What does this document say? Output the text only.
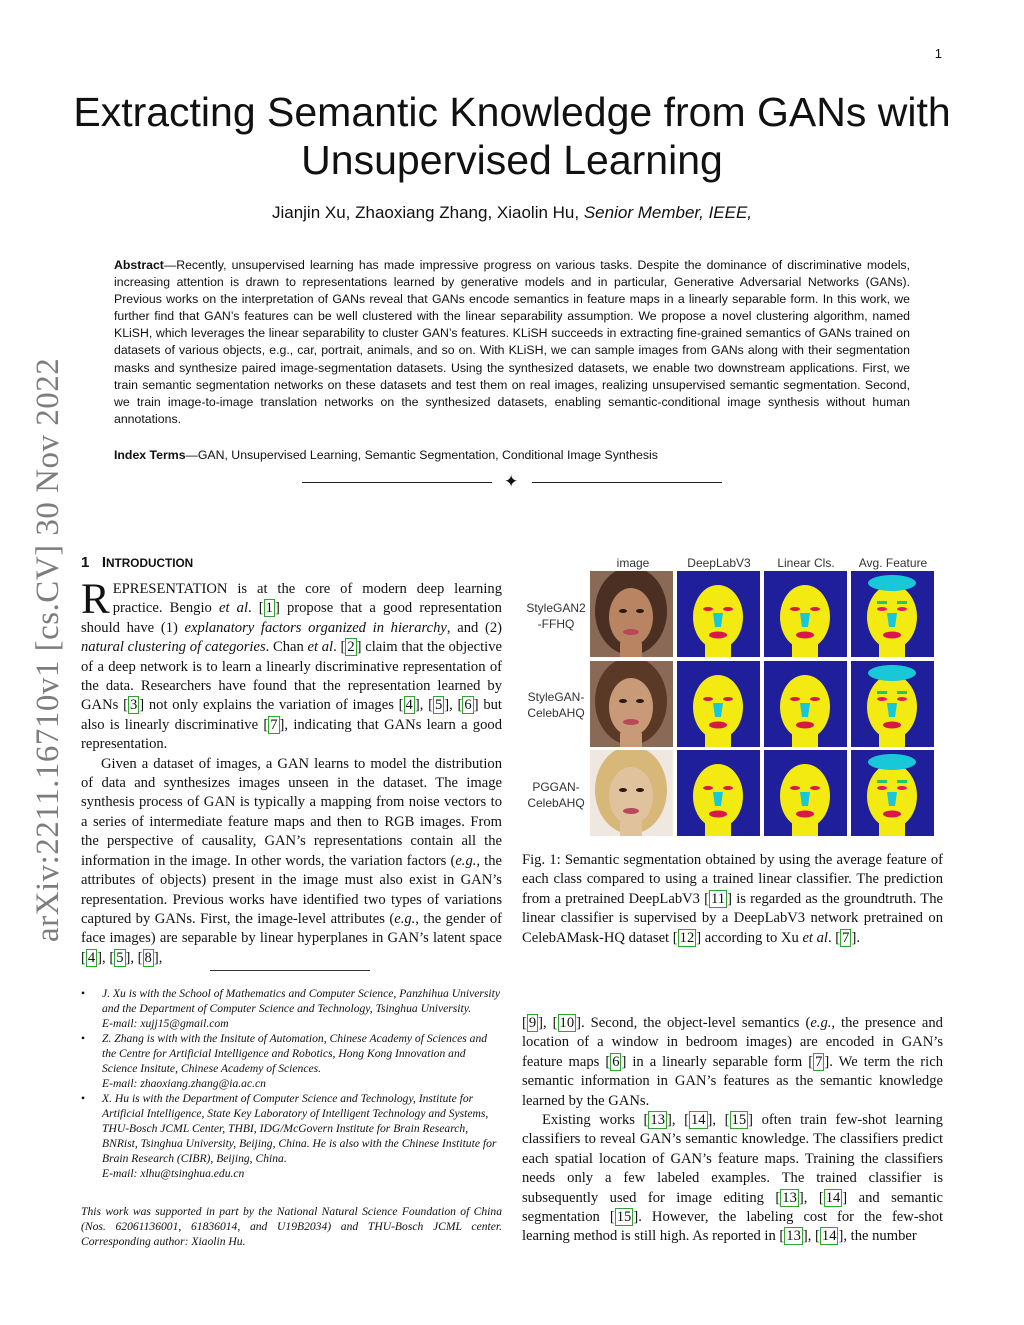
1
arXiv:2211.16710v1 [cs.CV] 30 Nov 2022
Extracting Semantic Knowledge from GANs with
Unsupervised Learning
Jianjin Xu, Zhaoxiang Zhang, Xiaolin Hu, Senior Member, IEEE,
Abstract—Recently, unsupervised learning has made impressive progress on various tasks. Despite the dominance of discriminative models, increasing attention is drawn to representations learned by generative models and in particular, Generative Adversarial Networks (GANs). Previous works on the interpretation of GANs reveal that GANs encode semantics in feature maps in a linearly separable form. In this work, we further find that GAN’s features can be well clustered with the linear separability assumption. We propose a novel clustering algorithm, named KLiSH, which leverages the linear separability to cluster GAN’s features. KLiSH succeeds in extracting fine-grained semantics of GANs trained on datasets of various objects, e.g., car, portrait, animals, and so on. With KLiSH, we can sample images from GANs along with their segmentation masks and synthesize paired image-segmentation datasets. Using the synthesized datasets, we enable two downstream applications. First, we train semantic segmentation networks on these datasets and test them on real images, realizing unsupervised semantic segmentation. Second, we train image-to-image translation networks on the synthesized datasets, enabling semantic-conditional image synthesis without human annotations.
Index Terms—GAN, Unsupervised Learning, Semantic Segmentation, Conditional Image Synthesis
✦
1 INTRODUCTION

REPRESENTATION is at the core of modern deep learning practice. Bengio et al. [ 1 ] propose that a good representation should have (1) explanatory factors organized in hierarchy, and (2) natural clustering of categories. Chan et al. [ 2 ] claim that the objective of a deep network is to learn a linearly discriminative representation of the data. Researchers have found that the representation learned by GANs [ 3 ] not only explains the variation of images [ 4 ], [ 5 ], [ 6 ] but also is linearly discriminative [ 7 ], indicating that GANs learn a good representation.

Given a dataset of images, a GAN learns to model the distribution of data and synthesizes images unseen in the dataset. The image synthesis process of GAN is typically a mapping from noise vectors to a series of intermediate feature maps and then to RGB images. From the perspective of causality, GAN’s representations contain all the information in the image. In other words, the variation factors (e.g., the attributes of objects) present in the image must also exist in GAN’s representation. Previous works have identified two types of variations captured by GANs. First, the image-level attributes (e.g., the gender of face images) are separable by linear hyperplanes in GAN’s latent space [ 4 ], [ 5 ], [ 8 ],

• J. Xu is with the School of Mathematics and Computer Science, Panzhihua University and the Department of Computer Science and Technology, Tsinghua University.
E-mail: xujj15@gmail.com
• Z. Zhang is with with the Insitute of Automation, Chinese Academy of Sciences and the Centre for Artificial Intelligence and Robotics, Hong Kong Innovation and Science Insitute, Chinese Academy of Sciences.
E-mail: zhaoxiang.zhang@ia.ac.cn
• X. Hu is with the Department of Computer Science and Technology, Institute for Artificial Intelligence, State Key Laboratory of Intelligent Technology and Systems, THU-Bosch JCML Center, THBI, IDG/McGovern Institute for Brain Research, BNRist, Tsinghua University, Beijing, China. He is also with the Chinese Institute for Brain Research (CIBR), Beijing, China.
E-mail: xlhu@tsinghua.edu.cn
This work was supported in part by the National Natural Science Foundation of China (Nos. 62061136001, 61836014, and U19B2034) and THU-Bosch JCML center. Corresponding author: Xiaolin Hu.
image	DeepLabV3	Linear Cls.	Avg. Feature
StyleGAN2
-FFHQ
StyleGAN-
CelebAHQ
PGGAN-
CelebAHQ
Fig. 1: Semantic segmentation obtained by using the average feature of each class compared to using a trained linear classifier. The prediction from a pretrained DeepLabV3 [ 11 ] is regarded as the groundtruth. The linear classifier is supervised by a DeepLabV3 network pretrained on CelebAMask-HQ dataset [ 12 ] according to Xu et al. [ 7 ].

[ 9 ], [ 10 ]. Second, the object-level semantics (e.g., the presence and location of a window in bedroom images) are encoded in GAN’s feature maps [ 6 ] in a linearly separable form [ 7 ]. We term the rich semantic information in GAN’s features as the semantic knowledge learned by the GANs.

Existing works [ 13 ], [ 14 ], [ 15 ] often train few-shot learning classifiers to reveal GAN’s semantic knowledge. The classifiers predict each spatial location of GAN’s feature maps. Training the classifiers needs only a few labeled examples. The trained classifier is subsequently used for image editing [ 13 ], [ 14 ] and semantic segmentation [ 15 ]. However, the labeling cost for the few-shot learning method is still high. As reported in [ 13 ], [ 14 ], the number
